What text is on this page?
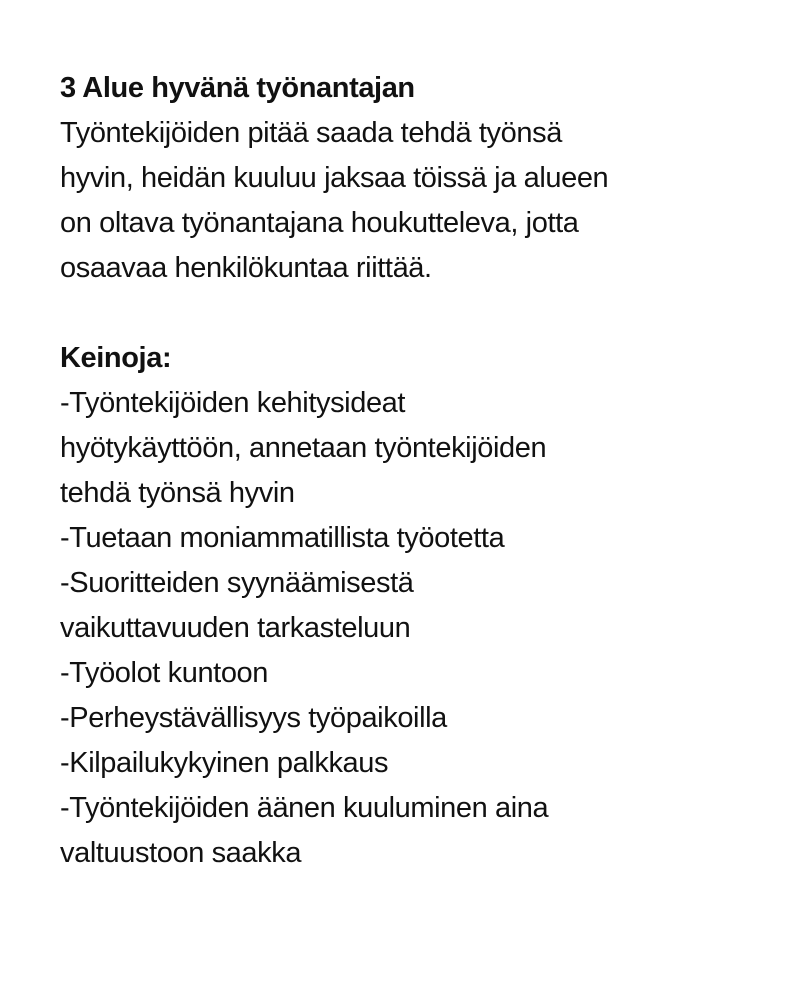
3 Alue hyvänä työnantajan
Työntekijöiden pitää saada tehdä työnsä
hyvin, heidän kuuluu jaksaa töissä ja alueen
on oltava työnantajana houkutteleva, jotta
osaavaa henkilökuntaa riittää.
Keinoja:
-Työntekijöiden kehitysideat
hyötykäyttöön, annetaan työntekijöiden
tehdä työnsä hyvin
-Tuetaan moniammatillista työotetta
-Suoritteiden syynäämisestä
vaikuttavuuden tarkasteluun
-Työolot kuntoon
-Perheystävällisyys työpaikoilla
-Kilpailukykyinen palkkaus
-Työntekijöiden äänen kuuluminen aina
valtuustoon saakka
